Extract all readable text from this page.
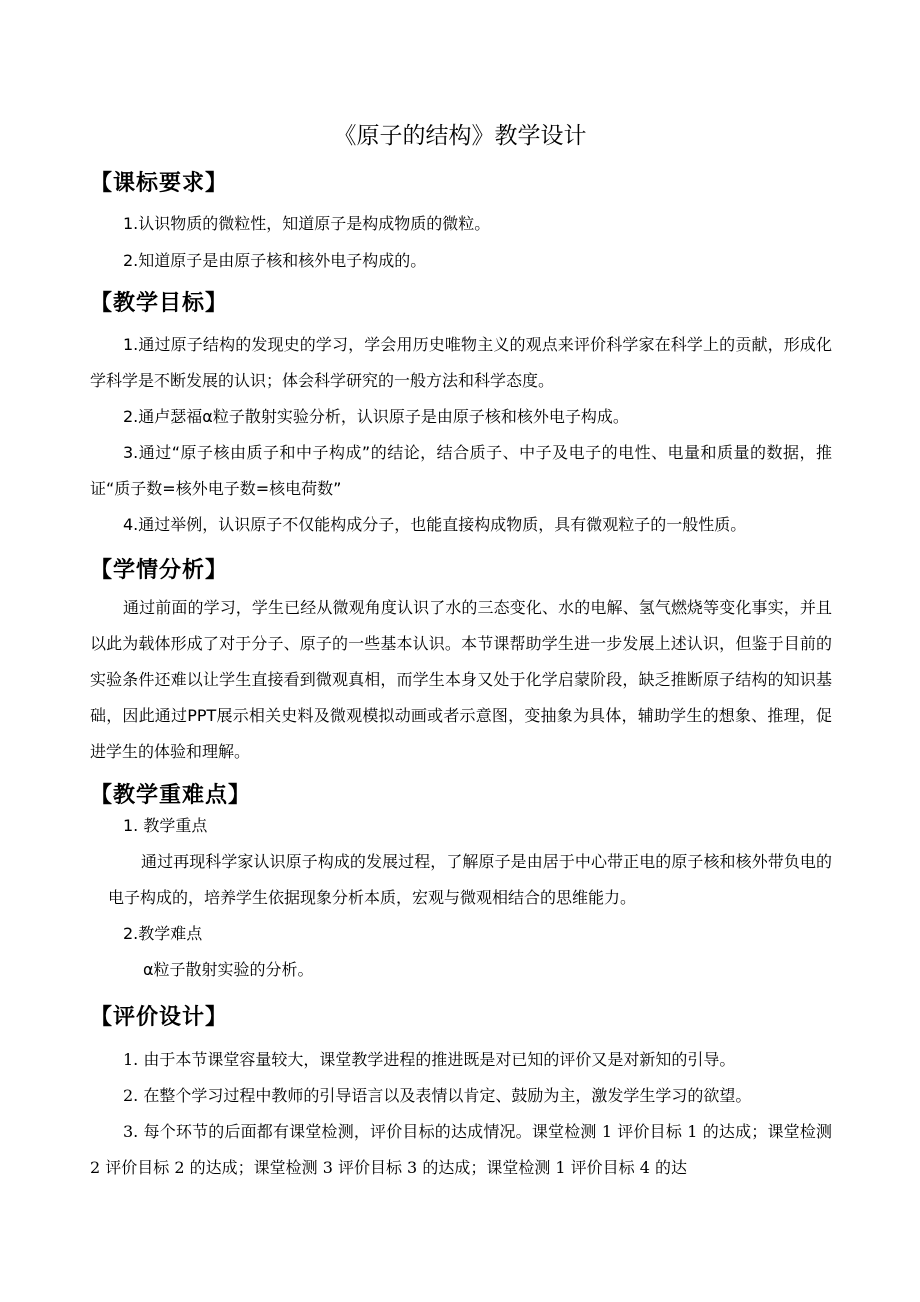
《原子的结构》教学设计
【课标要求】

1.认识物质的微粒性，知道原子是构成物质的微粒。

2.知道原子是由原子核和核外电子构成的。

【教学目标】

1.通过原子结构的发现史的学习，学会用历史唯物主义的观点来评价科学家在科学上的贡献，形成化学科学是不断发展的认识；体会科学研究的一般方法和科学态度。

2.通卢瑟福α粒子散射实验分析，认识原子是由原子核和核外电子构成。

3.通过“原子核由质子和中子构成”的结论，结合质子、中子及电子的电性、电量和质量的数据，推证“质子数=核外电子数=核电荷数”

4.通过举例，认识原子不仅能构成分子，也能直接构成物质，具有微观粒子的一般性质。

【学情分析】

通过前面的学习，学生已经从微观角度认识了水的三态变化、水的电解、氢气燃烧等变化事实，并且以此为载体形成了对于分子、原子的一些基本认识。本节课帮助学生进一步发展上述认识，但鉴于目前的实验条件还难以让学生直接看到微观真相，而学生本身又处于化学启蒙阶段，缺乏推断原子结构的知识基础，因此通过PPT展示相关史料及微观模拟动画或者示意图，变抽象为具体，辅助学生的想象、推理，促进学生的体验和理解。

【教学重难点】

1. 教学重点

通过再现科学家认识原子构成的发展过程，了解原子是由居于中心带正电的原子核和核外带负电的电子构成的，培养学生依据现象分析本质，宏观与微观相结合的思维能力。

2.教学难点

α粒子散射实验的分析。

【评价设计】

1. 由于本节课堂容量较大，课堂教学进程的推进既是对已知的评价又是对新知的引导。

2. 在整个学习过程中教师的引导语言以及表情以肯定、鼓励为主，激发学生学习的欲望。

3. 每个环节的后面都有课堂检测，评价目标的达成情况。课堂检测 1 评价目标 1 的达成；课堂检测 2 评价目标 2 的达成；课堂检测 3 评价目标 3 的达成；课堂检测 1 评价目标 4 的达
